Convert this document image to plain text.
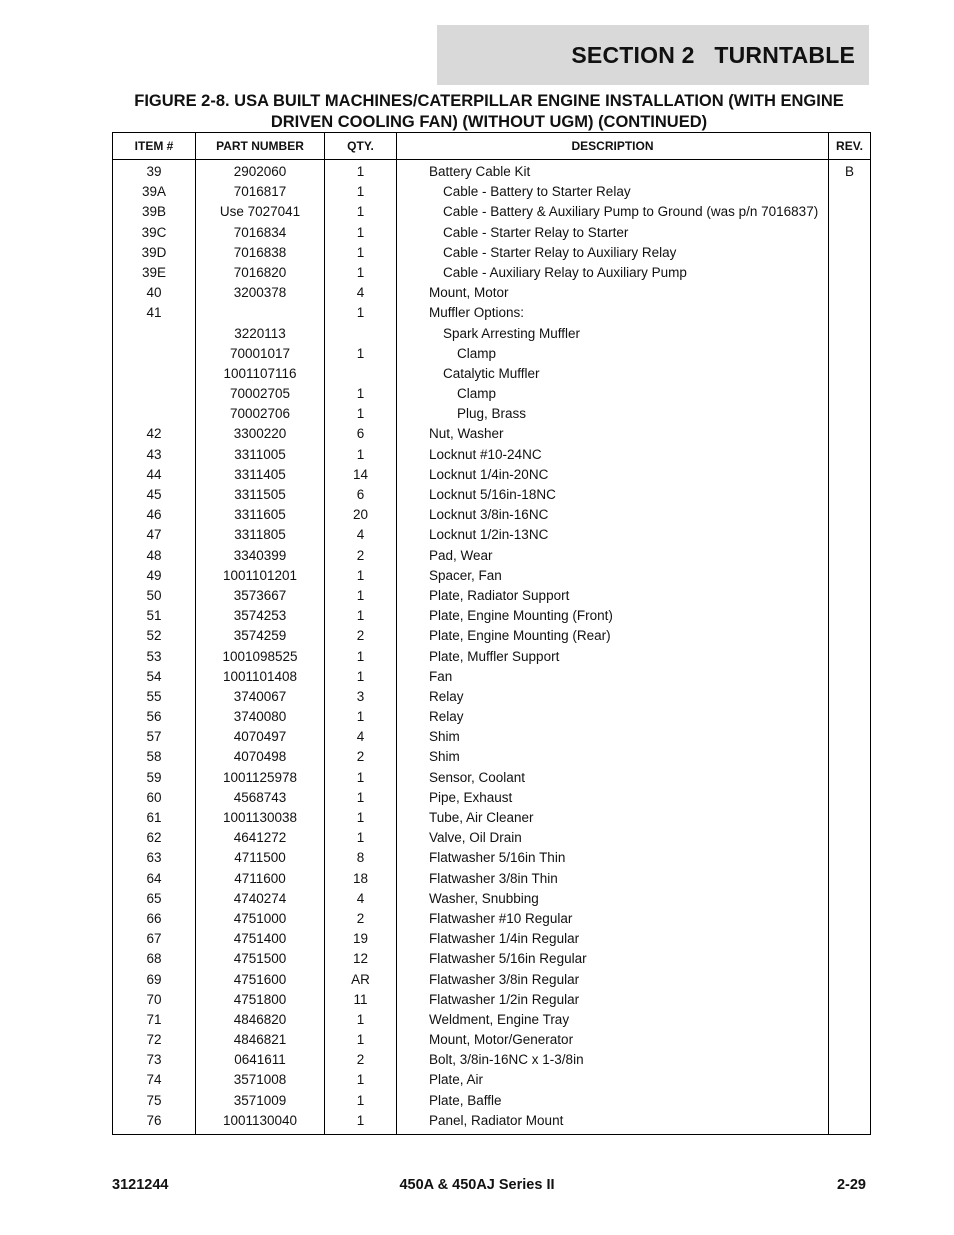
SECTION 2   TURNTABLE
FIGURE 2-8. USA BUILT MACHINES/CATERPILLAR ENGINE INSTALLATION (WITH ENGINE
DRIVEN COOLING FAN) (WITHOUT UGM) (CONTINUED)
ITEM #	PART NUMBER	QTY.	DESCRIPTION	REV.
39	2902060	1	Battery Cable Kit	B
39A	7016817	1	Cable - Battery to Starter Relay	
39B	Use 7027041	1	Cable - Battery & Auxiliary Pump to Ground (was p/n 7016837)	
39C	7016834	1	Cable - Starter Relay to Starter	
39D	7016838	1	Cable - Starter Relay to Auxiliary Relay	
39E	7016820	1	Cable - Auxiliary Relay to Auxiliary Pump	
40	3200378	4	Mount, Motor	
41		1	Muffler Options:	
	3220113		Spark Arresting Muffler	
	70001017	1	Clamp	
	1001107116		Catalytic Muffler	
	70002705	1	Clamp	
	70002706	1	Plug, Brass	
42	3300220	6	Nut, Washer	
43	3311005	1	Locknut #10-24NC	
44	3311405	14	Locknut 1/4in-20NC	
45	3311505	6	Locknut 5/16in-18NC	
46	3311605	20	Locknut 3/8in-16NC	
47	3311805	4	Locknut 1/2in-13NC	
48	3340399	2	Pad, Wear	
49	1001101201	1	Spacer, Fan	
50	3573667	1	Plate, Radiator Support	
51	3574253	1	Plate, Engine Mounting (Front)	
52	3574259	2	Plate, Engine Mounting (Rear)	
53	1001098525	1	Plate, Muffler Support	
54	1001101408	1	Fan	
55	3740067	3	Relay	
56	3740080	1	Relay	
57	4070497	4	Shim	
58	4070498	2	Shim	
59	1001125978	1	Sensor, Coolant	
60	4568743	1	Pipe, Exhaust	
61	1001130038	1	Tube, Air Cleaner	
62	4641272	1	Valve, Oil Drain	
63	4711500	8	Flatwasher 5/16in Thin	
64	4711600	18	Flatwasher 3/8in Thin	
65	4740274	4	Washer, Snubbing	
66	4751000	2	Flatwasher #10 Regular	
67	4751400	19	Flatwasher 1/4in Regular	
68	4751500	12	Flatwasher 5/16in Regular	
69	4751600	AR	Flatwasher 3/8in Regular	
70	4751800	11	Flatwasher 1/2in Regular	
71	4846820	1	Weldment, Engine Tray	
72	4846821	1	Mount, Motor/Generator	
73	0641611	2	Bolt, 3/8in-16NC x 1-3/8in	
74	3571008	1	Plate, Air	
75	3571009	1	Plate, Baffle	
76	1001130040	1	Panel, Radiator Mount	
3121244	450A & 450AJ Series II	2-29
